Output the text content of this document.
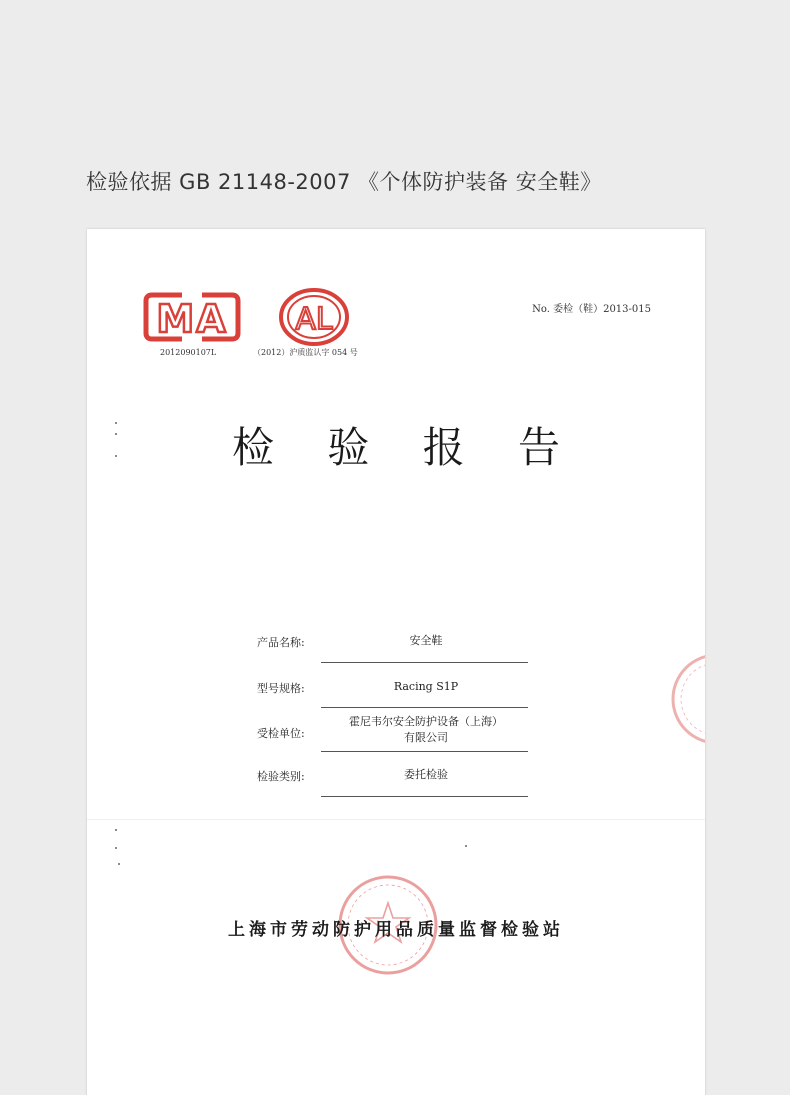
检验依据 GB 21148-2007 《个体防护装备 安全鞋》
MA
2012090107L
AL
（2012）沪质监认字 054 号
No. 委检（鞋）2013-015
检 验 报 告
产品名称:	安全鞋
型号规格:	Racing S1P
受检单位:
霍尼韦尔安全防护设备（上海）
有限公司
检验类别:	委托检验
上海市劳动防护用品质量监督检验站
